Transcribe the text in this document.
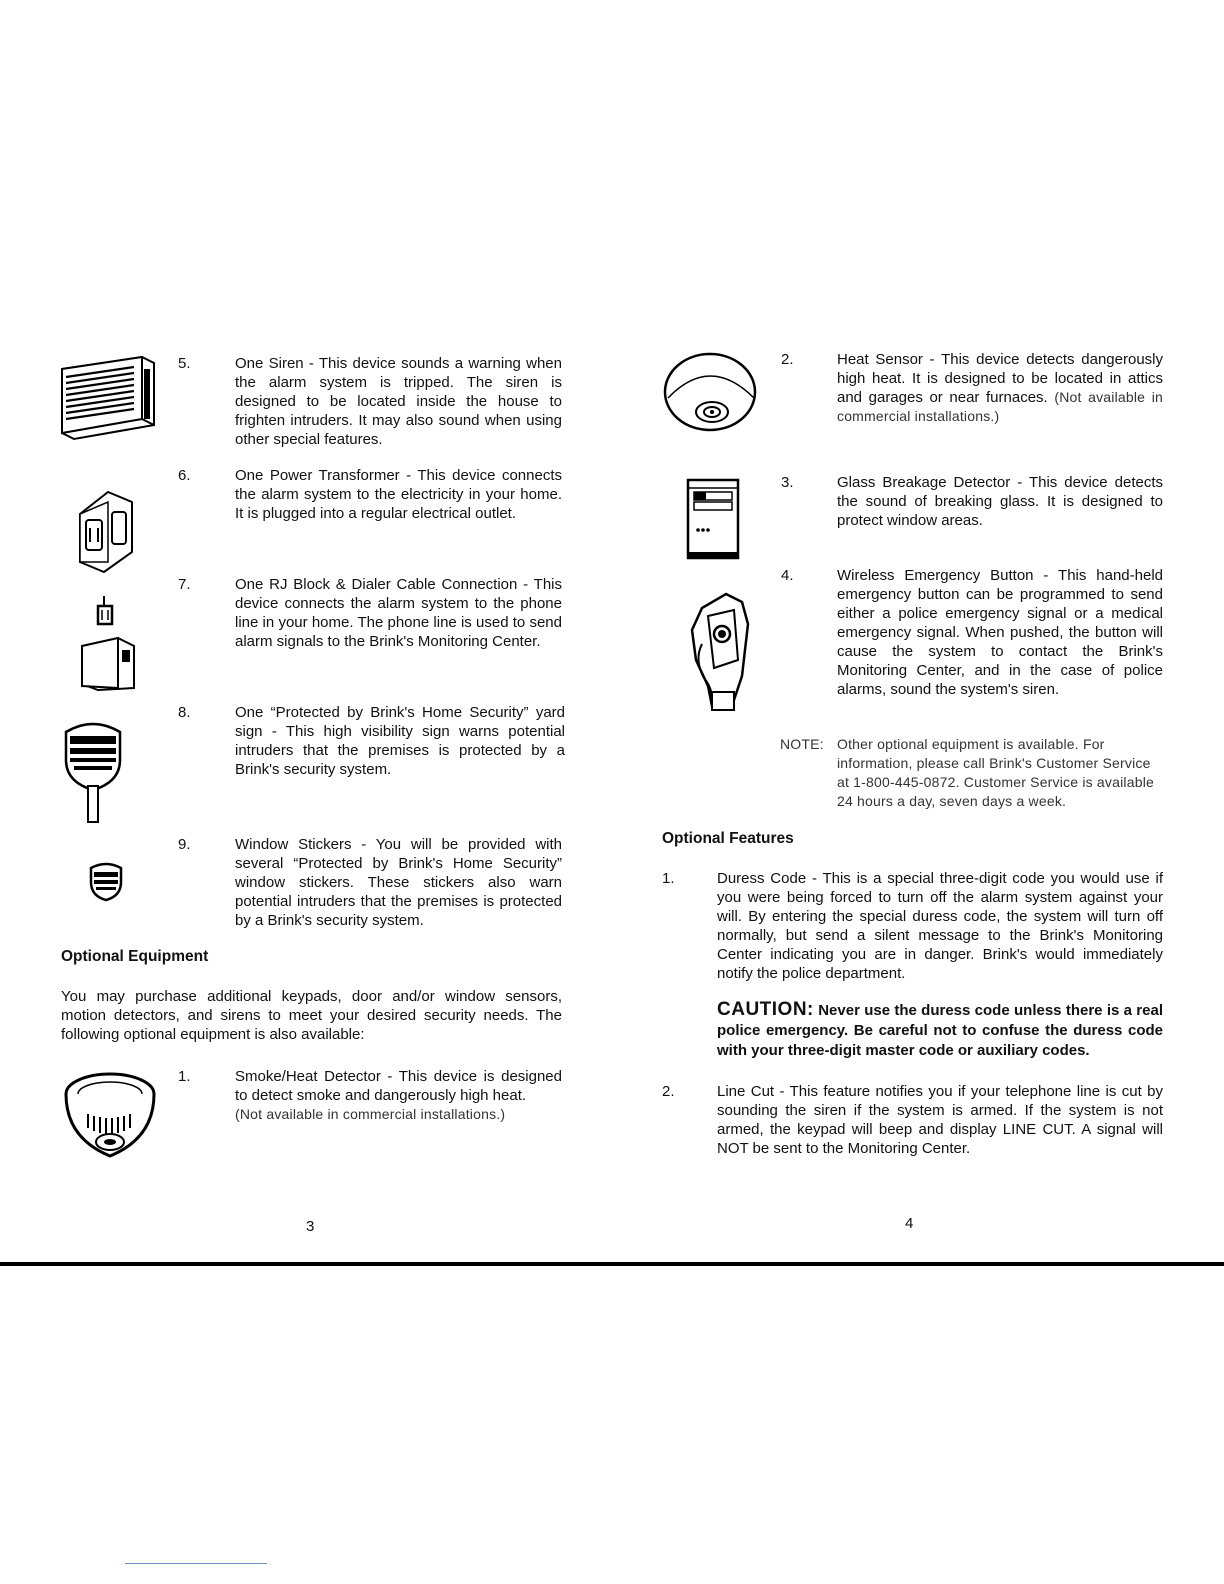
5.	One Siren - This device sounds a warning when the alarm system is tripped. The siren is designed to be located inside the house to frighten intruders. It may also sound when using other special features.
6.	One Power Transformer - This device connects the alarm system to the electricity in your home. It is plugged into a regular electrical outlet.
7.	One RJ Block & Dialer Cable Connection - This device connects the alarm system to the phone line in your home. The phone line is used to send alarm signals to the Brink's Monitoring Center.
8.	One “Protected by Brink's Home Security” yard sign - This high visibility sign warns potential intruders that the premises is protected by a Brink's security system.
9.	Window Stickers - You will be provided with several “Protected by Brink's Home Security” window stickers. These stickers also warn potential intruders that the premises is protected by a Brink's security system.
Optional Equipment
You may purchase additional keypads, door and/or window sensors, motion detectors, and sirens to meet your desired security needs. The following optional equipment is also available:
1.	Smoke/Heat Detector - This device is designed to detect smoke and dangerously high heat.
(Not available in commercial installations.)
3
2.	Heat Sensor - This device detects dangerously high heat. It is designed to be located in attics and garages or near furnaces. (Not available in commercial installations.)
3.	Glass Breakage Detector - This device detects the sound of breaking glass. It is designed to protect window areas.
4.	Wireless Emergency Button - This hand-held emergency button can be programmed to send either a police emergency signal or a medical emergency signal. When pushed, the button will cause the system to contact the Brink's Monitoring Center, and in the case of police alarms, sound the system's siren.
NOTE: Other optional equipment is available. For information, please call Brink's Customer Service at 1-800-445-0872. Customer Service is available 24 hours a day, seven days a week.
Optional Features
1.	Duress Code - This is a special three-digit code you would use if you were being forced to turn off the alarm system against your will. By entering the special duress code, the system will turn off normally, but send a silent message to the Brink's Monitoring Center indicating you are in danger. Brink's would immediately notify the police department.
CAUTION: Never use the duress code unless there is a real police emergency. Be careful not to confuse the duress code with your three-digit master code or auxiliary codes.
2.	Line Cut - This feature notifies you if your telephone line is cut by sounding the siren if the system is armed. If the system is not armed, the keypad will beep and display LINE CUT. A signal will NOT be sent to the Monitoring Center.
4
